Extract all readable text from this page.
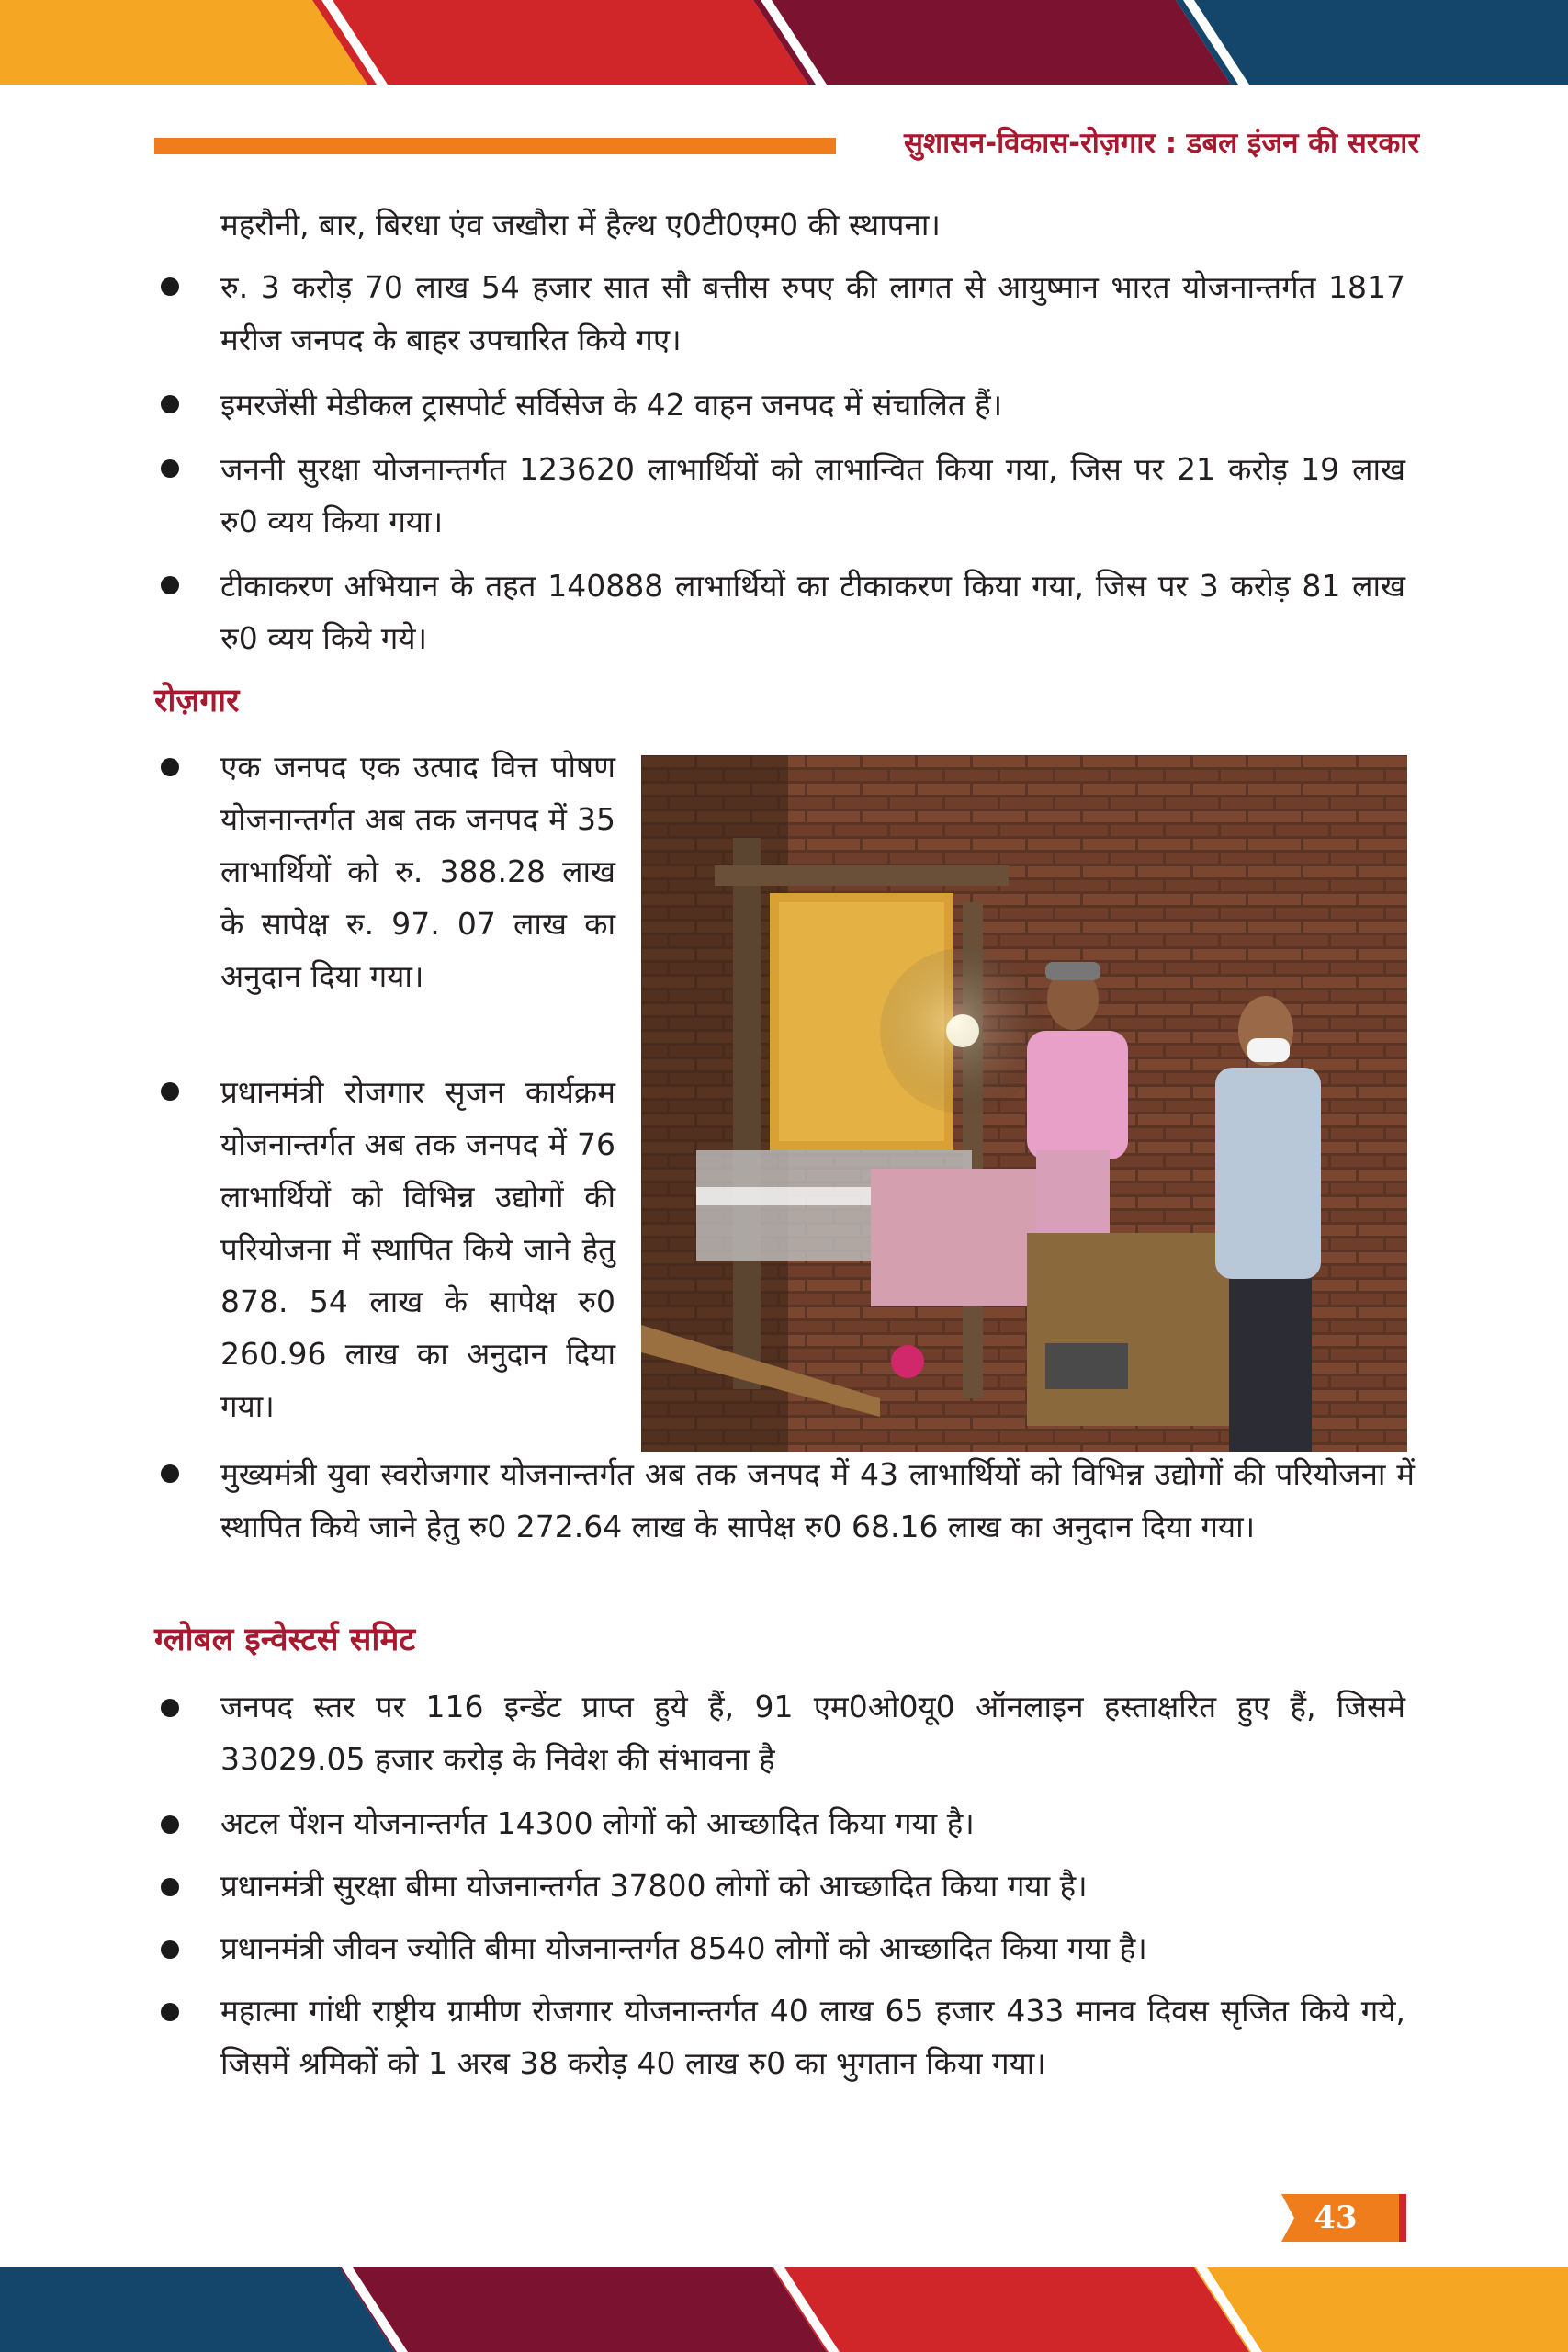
सुशासन-विकास-रोज़गार : डबल इंजन की सरकार
महरौनी, बार, बिरधा एंव जखौरा में हैल्थ ए0टी0एम0 की स्थापना।
रु. 3 करोड़ 70 लाख 54 हजार सात सौ बत्तीस रुपए की लागत से आयुष्मान भारत योजनान्तर्गत 1817 मरीज जनपद के बाहर उपचारित किये गए।
इमरजेंसी मेडीकल ट्रासपोर्ट सर्विसेज के 42 वाहन जनपद में संचालित हैं।
जननी सुरक्षा योजनान्तर्गत 123620 लाभार्थियों को लाभान्वित किया गया, जिस पर 21 करोड़ 19 लाख रु0 व्यय किया गया।
टीकाकरण अभियान के तहत 140888 लाभार्थियों का टीकाकरण किया गया, जिस पर 3 करोड़ 81 लाख रु0 व्यय किये गये।
रोज़गार
एक जनपद एक उत्पाद वित्त पोषण योजनान्तर्गत अब तक जनपद में 35 लाभार्थियों को रु. 388.28 लाख के सापेक्ष रु. 97. 07 लाख का अनुदान दिया गया।
प्रधानमंत्री रोजगार सृजन कार्यक्रम योजनान्तर्गत अब तक जनपद में 76 लाभार्थियों को विभिन्न उद्योगों की परियोजना में स्थापित किये जाने हेतु 878. 54 लाख के सापेक्ष रु0 260.96 लाख का अनुदान दिया गया।
मुख्यमंत्री युवा स्वरोजगार योजनान्तर्गत अब तक जनपद में 43 लाभार्थियों को विभिन्न उद्योगों की परियोजना में स्थापित किये जाने हेतु रु0 272.64 लाख के सापेक्ष रु0 68.16 लाख का अनुदान दिया गया।
ग्लोबल इन्वेस्टर्स समिट
जनपद स्तर पर 116 इन्डेंट प्राप्त हुये हैं, 91 एम0ओ0यू0 ऑनलाइन हस्ताक्षरित हुए हैं, जिसमे 33029.05 हजार करोड़ के निवेश की संभावना है
अटल पेंशन योजनान्तर्गत 14300 लोगों को आच्छादित किया गया है।
प्रधानमंत्री सुरक्षा बीमा योजनान्तर्गत 37800 लोगों को आच्छादित किया गया है।
प्रधानमंत्री जीवन ज्योति बीमा योजनान्तर्गत 8540 लोगों को आच्छादित किया गया है।
महात्मा गांधी राष्ट्रीय ग्रामीण रोजगार योजनान्तर्गत 40 लाख 65 हजार 433 मानव दिवस सृजित किये गये, जिसमें श्रमिकों को 1 अरब 38 करोड़ 40 लाख रु0 का भुगतान किया गया।
43
